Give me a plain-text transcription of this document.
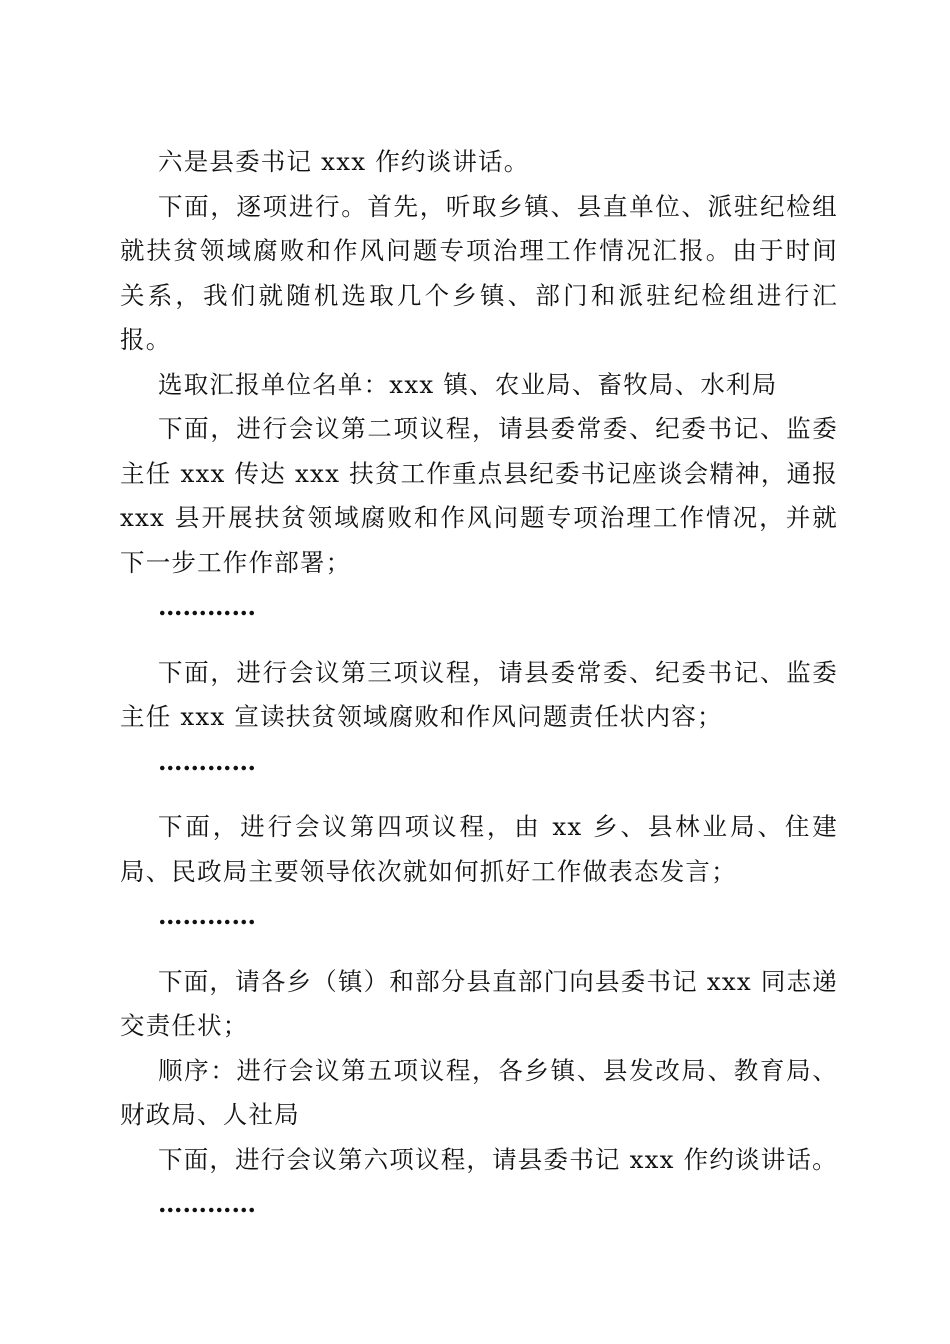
六是县委书记 xxx 作约谈讲话。

下面，逐项进行。首先，听取乡镇、县直单位、派驻纪检组就扶贫领域腐败和作风问题专项治理工作情况汇报。由于时间关系，我们就随机选取几个乡镇、部门和派驻纪检组进行汇报。

选取汇报单位名单：xxx 镇、农业局、畜牧局、水利局

下面，进行会议第二项议程，请县委常委、纪委书记、监委主任 xxx 传达 xxx 扶贫工作重点县纪委书记座谈会精神，通报 xxx 县开展扶贫领域腐败和作风问题专项治理工作情况，并就下一步工作作部署；

…………

下面，进行会议第三项议程，请县委常委、纪委书记、监委主任 xxx 宣读扶贫领域腐败和作风问题责任状内容；

…………

下面，进行会议第四项议程，由 xx 乡、县林业局、住建局、民政局主要领导依次就如何抓好工作做表态发言；

…………

下面，请各乡（镇）和部分县直部门向县委书记 xxx 同志递交责任状；

顺序：进行会议第五项议程，各乡镇、县发改局、教育局、财政局、人社局

下面，进行会议第六项议程，请县委书记 xxx 作约谈讲话。

…………
